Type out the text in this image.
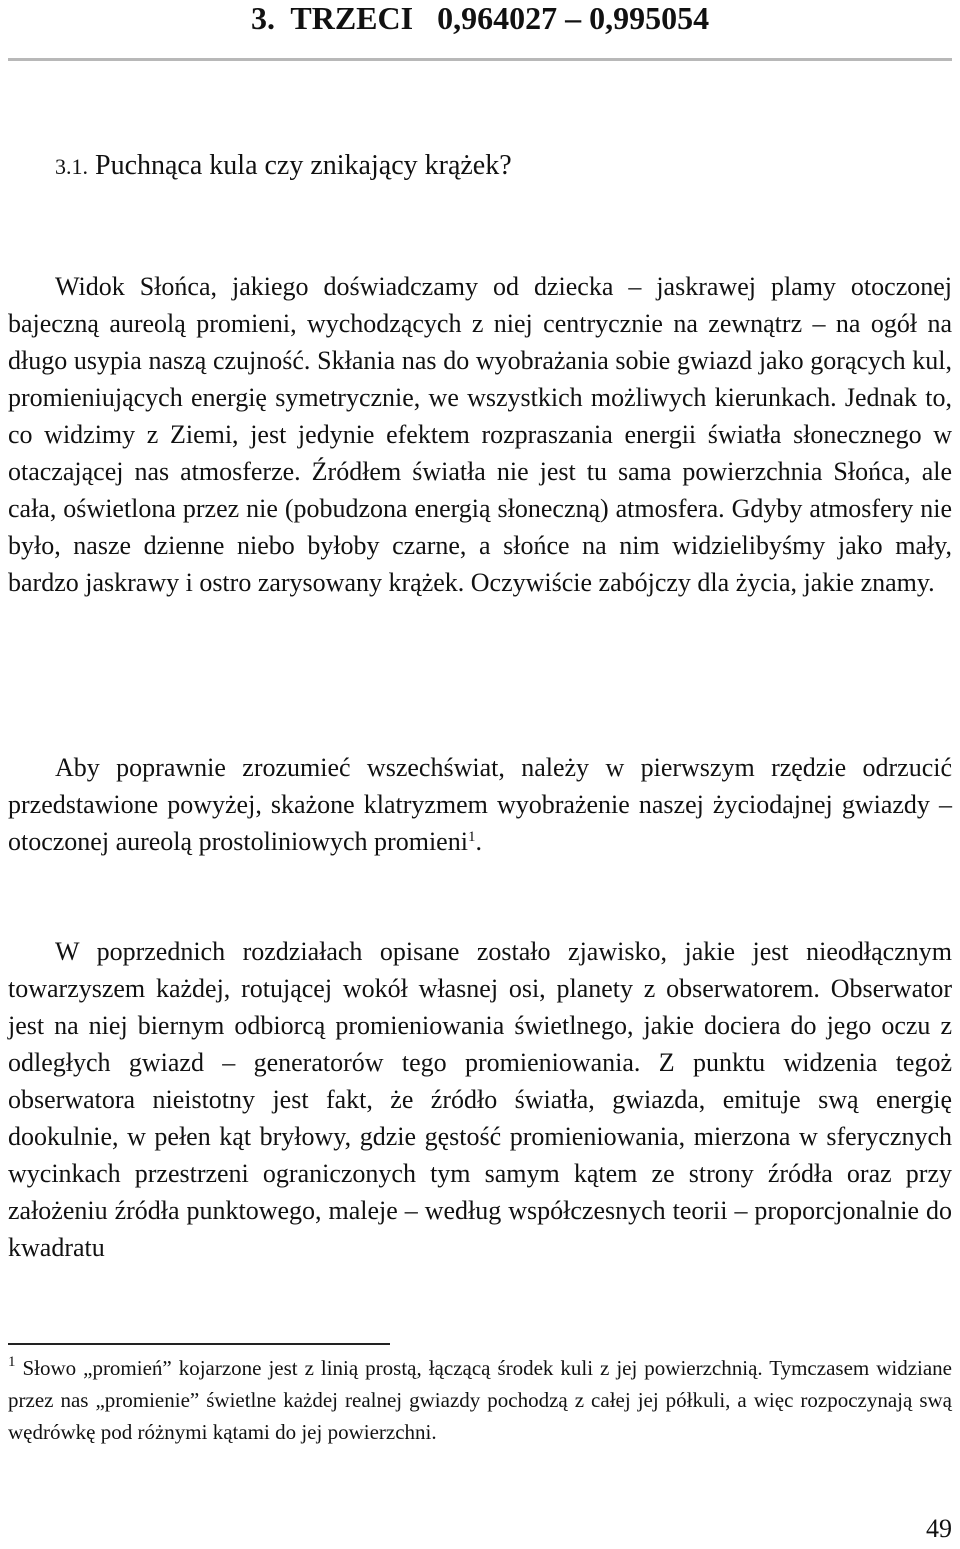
3.  TRZECI   0,964027 – 0,995054
3.1. Puchnąca kula czy znikający krążek?

Widok Słońca, jakiego doświadczamy od dziecka – jaskrawej plamy otoczonej bajeczną aureolą promieni, wychodzących z niej centrycznie na zewnątrz – na ogół na długo usypia naszą czujność. Skłania nas do wyobrażania sobie gwiazd jako gorących kul, promieniujących energię symetrycznie, we wszystkich możliwych kierunkach. Jednak to, co widzimy z Ziemi, jest jedynie efektem rozpraszania energii światła słonecznego w otaczającej nas atmosferze. Źródłem światła nie jest tu sama powierzchnia Słońca, ale cała, oświetlona przez nie (pobudzona energią słoneczną) atmosfera. Gdyby atmosfery nie było, nasze dzienne niebo byłoby czarne, a słońce na nim widzielibyśmy jako mały, bardzo jaskrawy i ostro zarysowany krążek. Oczywiście zabójczy dla życia, jakie znamy.

Aby poprawnie zrozumieć wszechświat, należy w pierwszym rzędzie odrzucić przedstawione powyżej, skażone klatryzmem wyobrażenie naszej życiodajnej gwiazdy – otoczonej aureolą prostoliniowych promieni$^1$.

W poprzednich rozdziałach opisane zostało zjawisko, jakie jest nieodłącznym towarzyszem każdej, rotującej wokół własnej osi, planety z obserwatorem. Obserwator jest na niej biernym odbiorcą promieniowania świetlnego, jakie dociera do jego oczu z odległych gwiazd – generatorów tego promieniowania. Z punktu widzenia tegoż obserwatora nieistotny jest fakt, że źródło światła, gwiazda, emituje swą energię dookulnie, w pełen kąt bryłowy, gdzie gęstość promieniowania, mierzona w sferycznych wycinkach przestrzeni ograniczonych tym samym kątem ze strony źródła oraz przy założeniu źródła punktowego, maleje – według współczesnych teorii – proporcjonalnie do kwadratu

$^1$ Słowo „promień” kojarzone jest z linią prostą, łączącą środek kuli z jej powierzchnią. Tymczasem widziane przez nas „promienie” świetlne każdej realnej gwiazdy pochodzą z całej jej półkuli, a więc rozpoczynają swą wędrówkę pod różnymi kątami do jej powierzchni.

49
